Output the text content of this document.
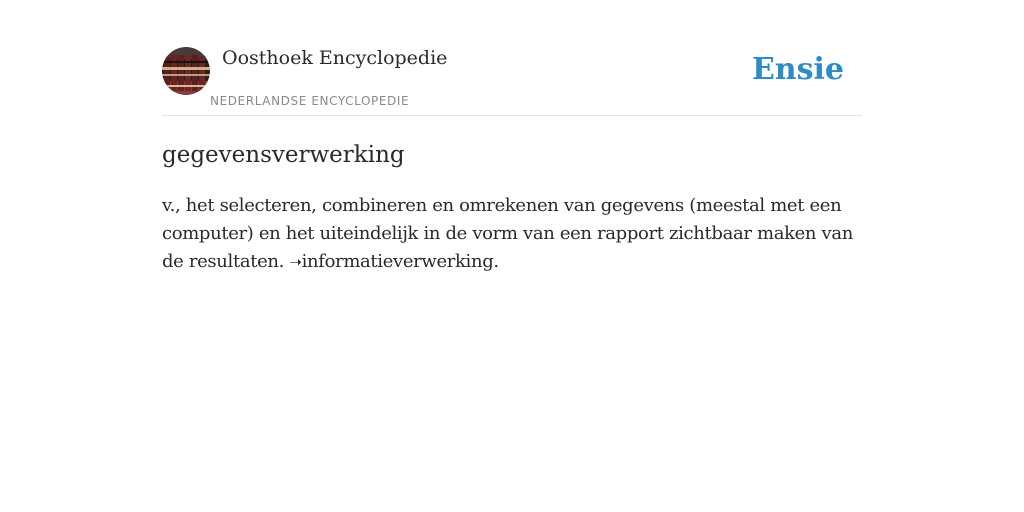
Oosthoek Encyclopedie
NEDERLANDSE ENCYCLOPEDIE
Ensie
gegevensverwerking

v., het selecteren, combineren en omrekenen van gegevens (meestal met een computer) en het uiteindelijk in de vorm van een rapport zichtbaar maken van de resultaten. ➝informatieverwerking.
